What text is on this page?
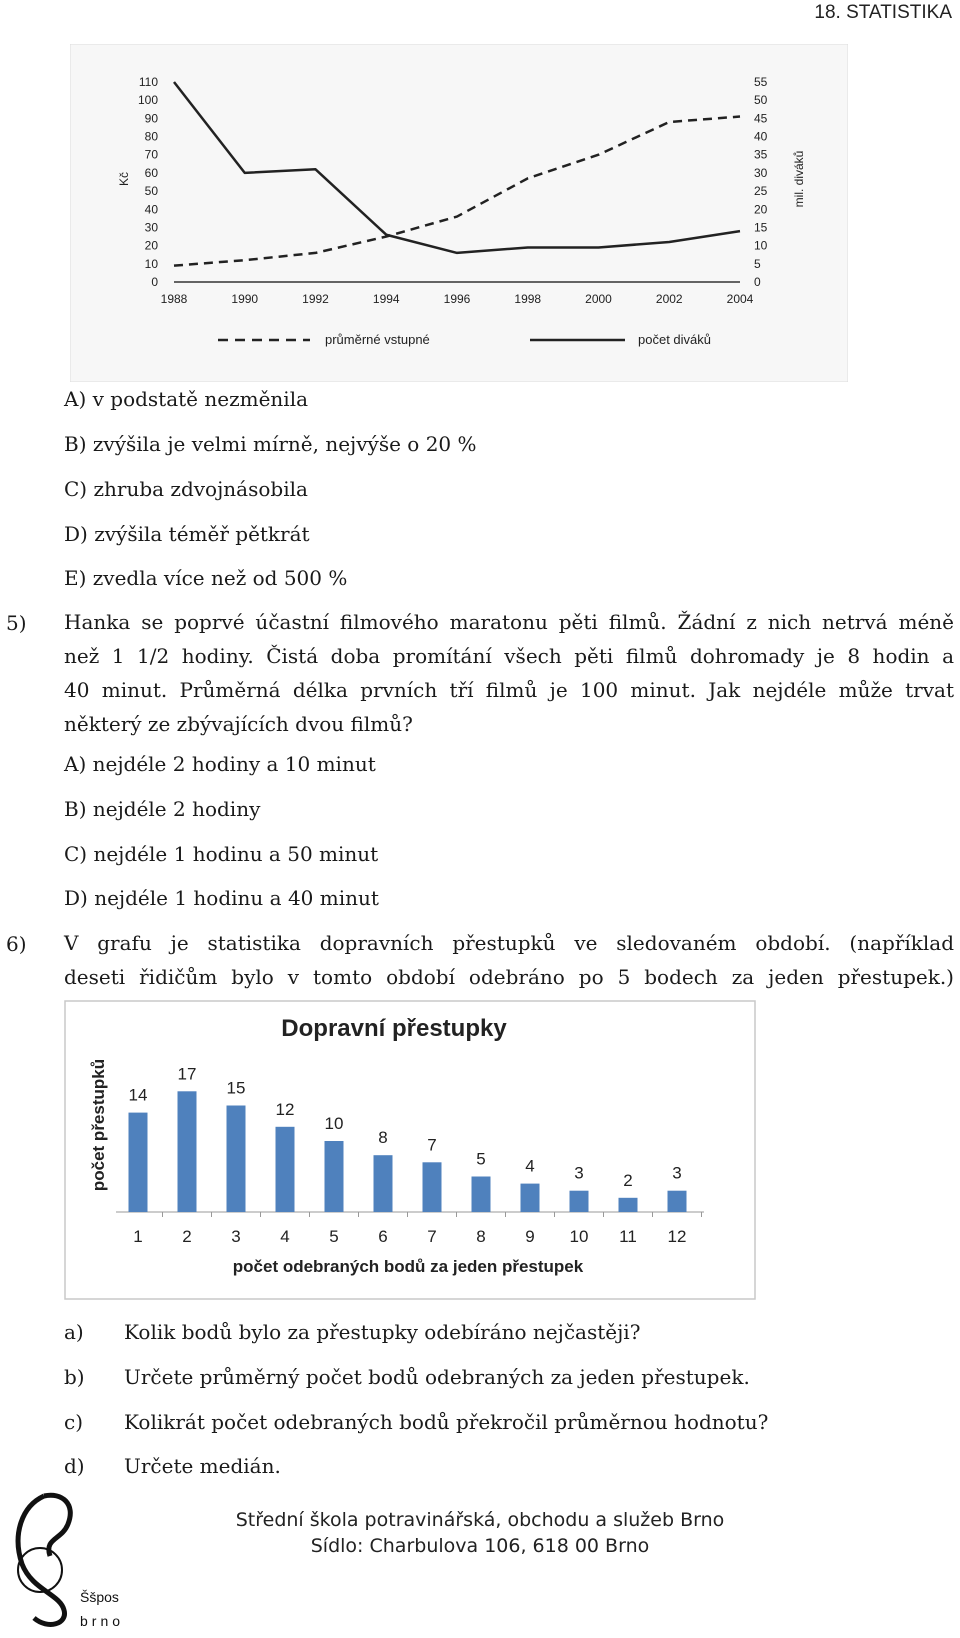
18. STATISTIKA
0
10
20
30
40
50
60
70
80
90
100
110
0
5
10
15
20
25
30
35
40
45
50
55
1988	1990	1992	1994	1996	1998	2000	2002	2004
Kč	mil. diváků
průměrné vstupné	počet diváků
A) v podstatě nezměnila
B) zvýšila je velmi mírně, nejvýše o 20 %
C) zhruba zdvojnásobila
D) zvýšila téměř pětkrát
E) zvedla více než od 500 %
5) Hanka se poprvé účastní filmového maratonu pěti filmů. Žádní z nich netrvá méně
než 1 1/2 hodiny. Čistá doba promítání všech pěti filmů dohromady je 8 hodin a
40 minut. Průměrná délka prvních tří filmů je 100 minut. Jak nejdéle může trvat
některý ze zbývajících dvou filmů?
A) nejdéle 2 hodiny a 10 minut
B) nejdéle 2 hodiny
C) nejdéle 1 hodinu a 50 minut
D) nejdéle 1 hodinu a 40 minut
6) V grafu je statistika dopravních přestupků ve sledovaném období. (například
deseti řidičům bylo v tomto období odebráno po 5 bodech za jeden přestupek.)
Dopravní přestupky
počet přestupků
počet odebraných bodů za jeden přestupek
14
1
17
2
15
3
12
4
10
5
8
6
7
7
5
8
4
9
3
10
2
11
3
12
a) Kolik bodů bylo za přestupky odebíráno nejčastěji?
b) Určete průměrný počet bodů odebraných za jeden přestupek.
c) Kolikrát počet odebraných bodů překročil průměrnou hodnotu?
d) Určete medián.
Ššpos
brno
Střední škola potravinářská, obchodu a služeb Brno
Sídlo: Charbulova 106, 618 00 Brno
